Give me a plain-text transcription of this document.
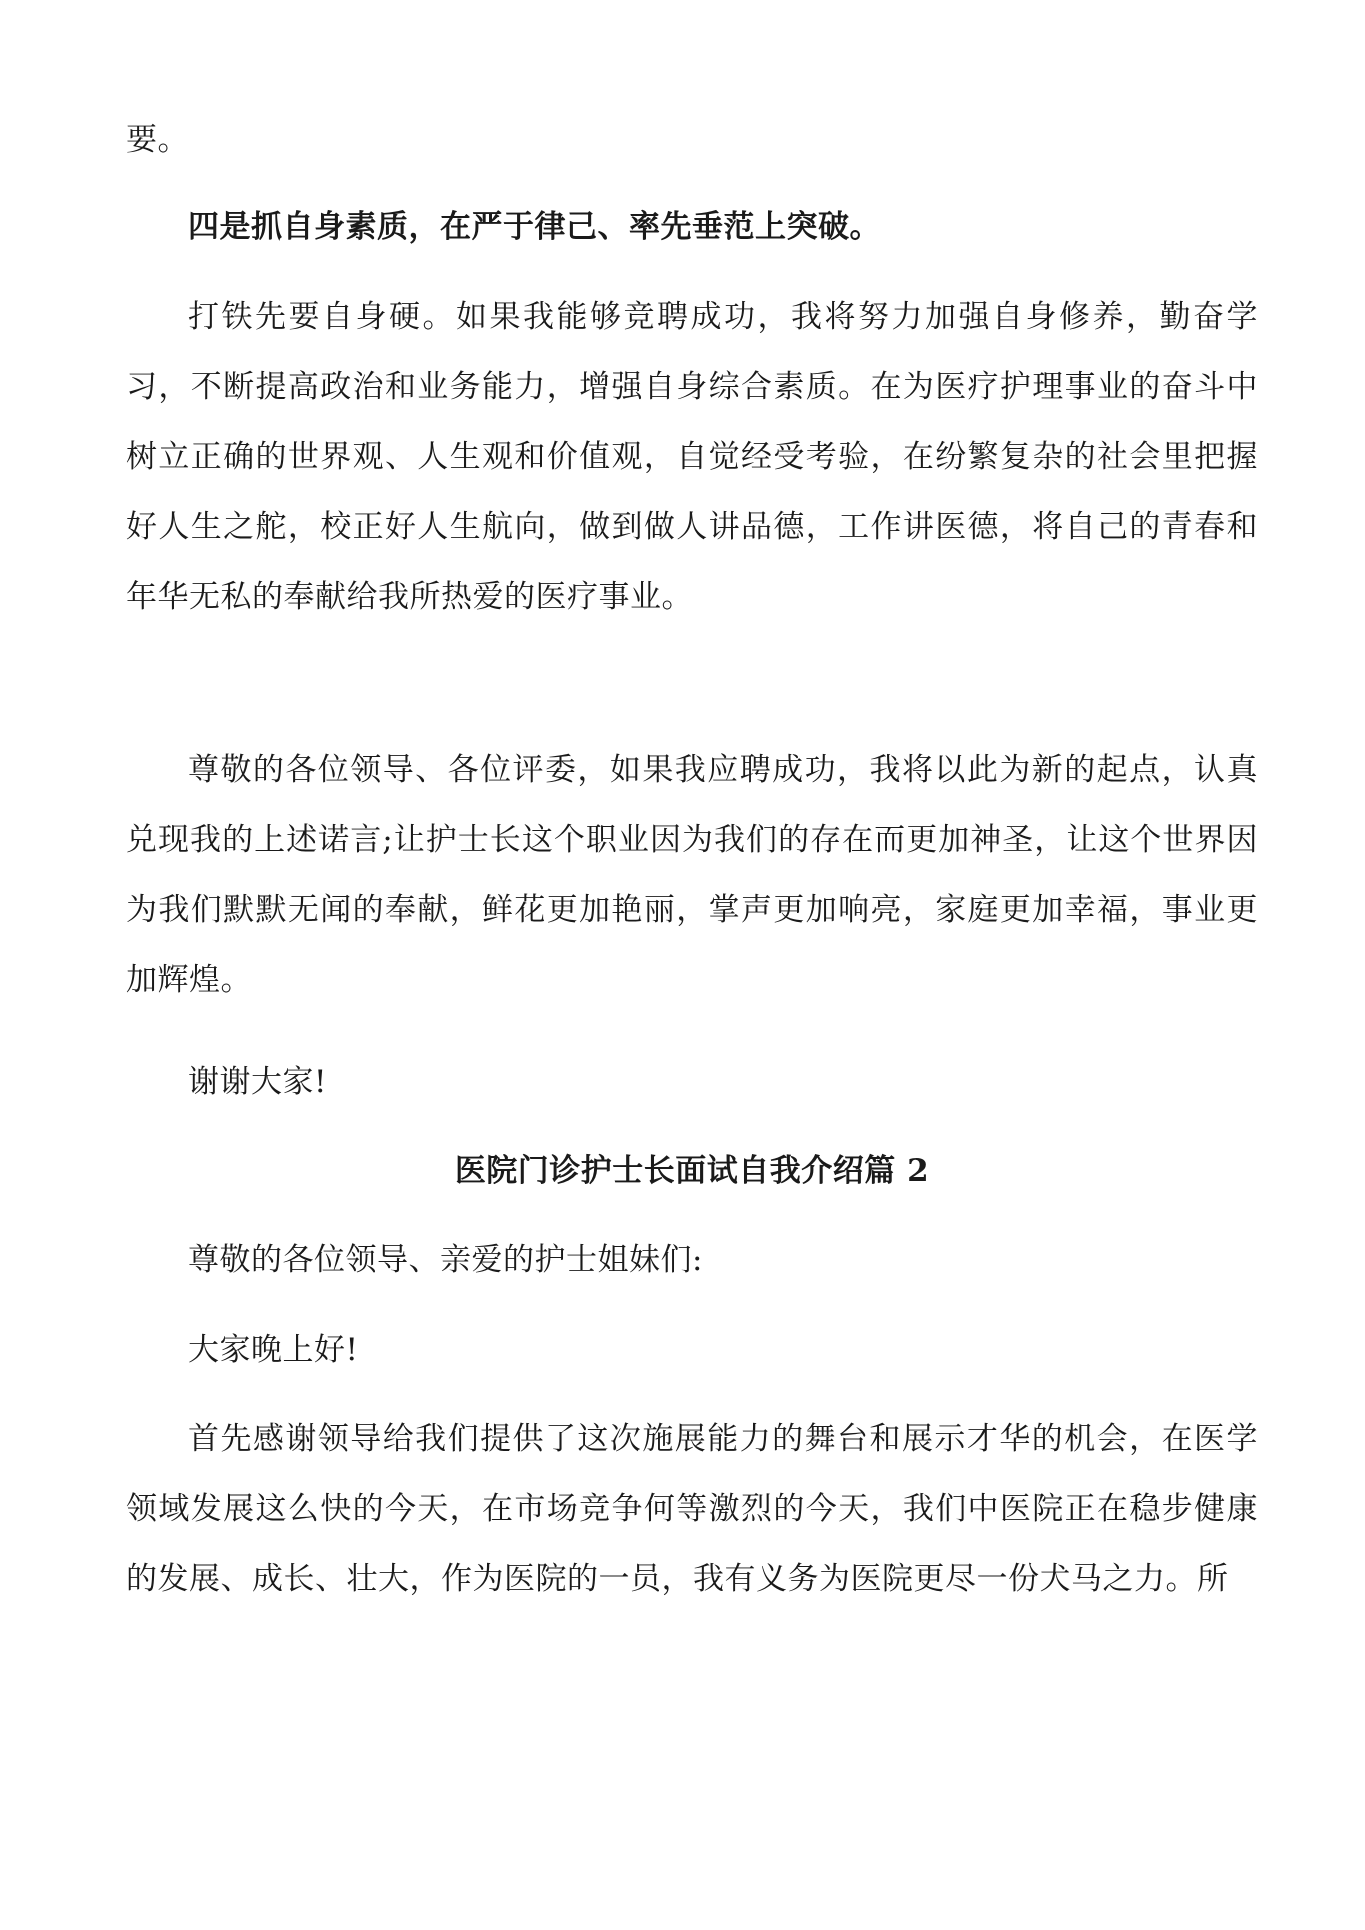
要。

四是抓自身素质，在严于律己、率先垂范上突破。

打铁先要自身硬。如果我能够竞聘成功，我将努力加强自身修养，勤奋学习，不断提高政治和业务能力，增强自身综合素质。在为医疗护理事业的奋斗中树立正确的世界观、人生观和价值观，自觉经受考验，在纷繁复杂的社会里把握好人生之舵，校正好人生航向，做到做人讲品德，工作讲医德，将自己的青春和年华无私的奉献给我所热爱的医疗事业。

尊敬的各位领导、各位评委，如果我应聘成功，我将以此为新的起点，认真兑现我的上述诺言;让护士长这个职业因为我们的存在而更加神圣，让这个世界因为我们默默无闻的奉献，鲜花更加艳丽，掌声更加响亮，家庭更加幸福，事业更加辉煌。

谢谢大家!

医院门诊护士长面试自我介绍篇 2

尊敬的各位领导、亲爱的护士姐妹们:

大家晚上好!

首先感谢领导给我们提供了这次施展能力的舞台和展示才华的机会，在医学领域发展这么快的今天，在市场竞争何等激烈的今天，我们中医院正在稳步健康的发展、成长、壮大，作为医院的一员，我有义务为医院更尽一份犬马之力。所
